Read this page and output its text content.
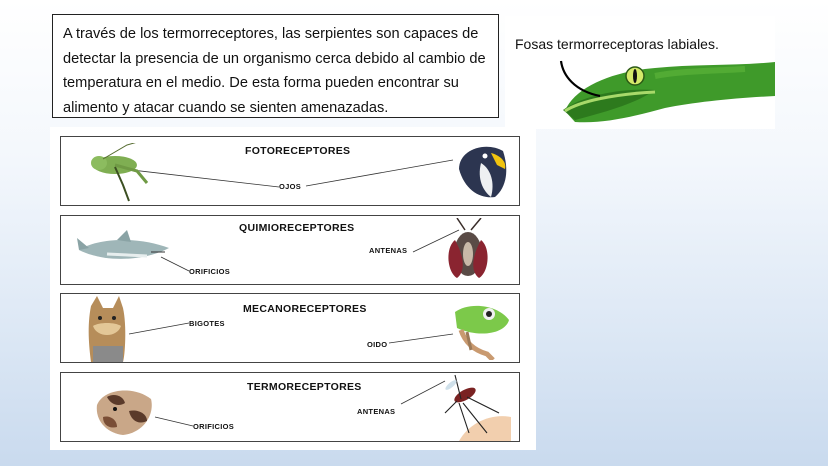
A través de los termorreceptores, las serpientes son capaces de detectar la presencia de un organismo cerca debido al cambio de temperatura en el medio. De esta forma pueden encontrar su alimento y atacar cuando se sienten amenazadas.
Fosas termorreceptoras labiales.
FOTORECEPTORES
OJOS
QUIMIORECEPTORES
ORIFICIOS
ANTENAS
MECANORECEPTORES
BIGOTES
OIDO
TERMORECEPTORES
ORIFICIOS
ANTENAS
